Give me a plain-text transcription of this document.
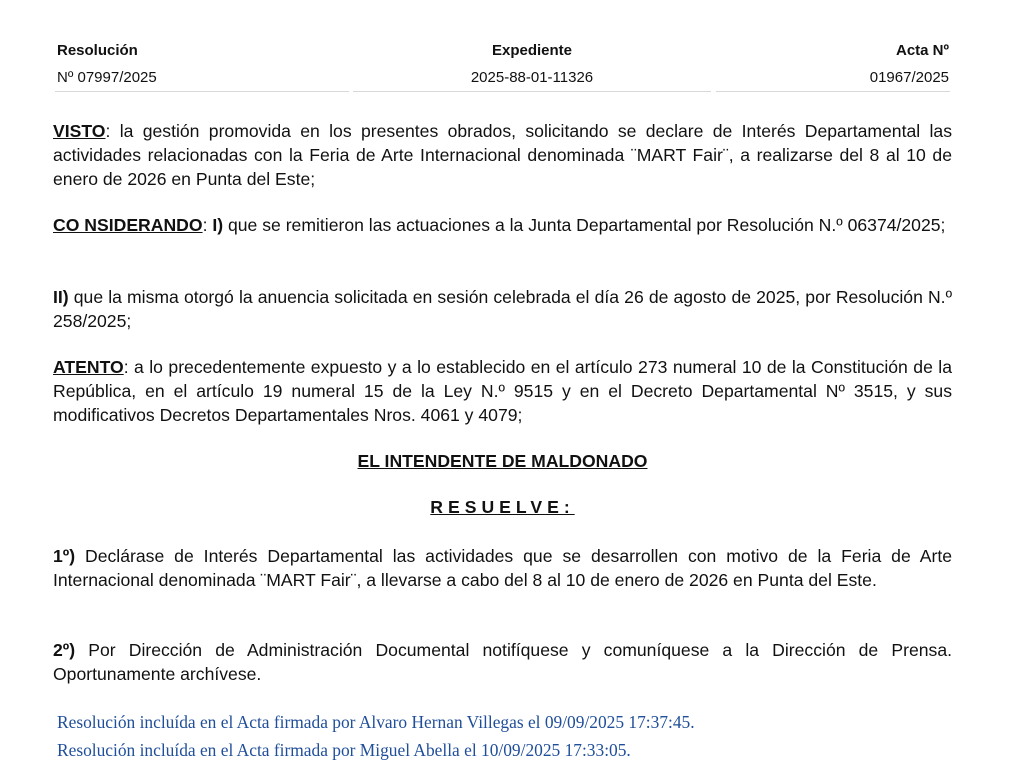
Resolución
Nº 07997/2025
Expediente
2025-88-01-11326
Acta Nº
01967/2025

VISTO: la gestión promovida en los presentes obrados, solicitando se declare de Interés Departamental las actividades relacionadas con la Feria de Arte Internacional denominada ¨MART Fair¨, a realizarse del 8 al 10 de enero de 2026 en Punta del Este;

CO NSIDERANDO: I) que se remitieron las actuaciones a la Junta Departamental por Resolución N.º 06374/2025;

II) que la misma otorgó la anuencia solicitada en sesión celebrada el día 26 de agosto de 2025, por Resolución N.º 258/2025;

ATENTO: a lo precedentemente expuesto y a lo establecido en el artículo 273 numeral 10 de la Constitución de la República, en el artículo 19 numeral 15 de la Ley N.º 9515 y en el Decreto Departamental Nº 3515, y sus modificativos Decretos Departamentales Nros. 4061 y 4079;

EL INTENDENTE DE MALDONADO
RESUELVE:

1º) Declárase de Interés Departamental las actividades que se desarrollen con motivo de la Feria de Arte Internacional denominada ¨MART Fair¨, a llevarse a cabo del 8 al 10 de enero de 2026 en Punta del Este.

2º) Por Dirección de Administración Documental notifíquese y comuníquese a la Dirección de Prensa. Oportunamente archívese.

Resolución incluída en el Acta firmada por Alvaro Hernan Villegas el 09/09/2025 17:37:45.
Resolución incluída en el Acta firmada por Miguel Abella el 10/09/2025 17:33:05.
